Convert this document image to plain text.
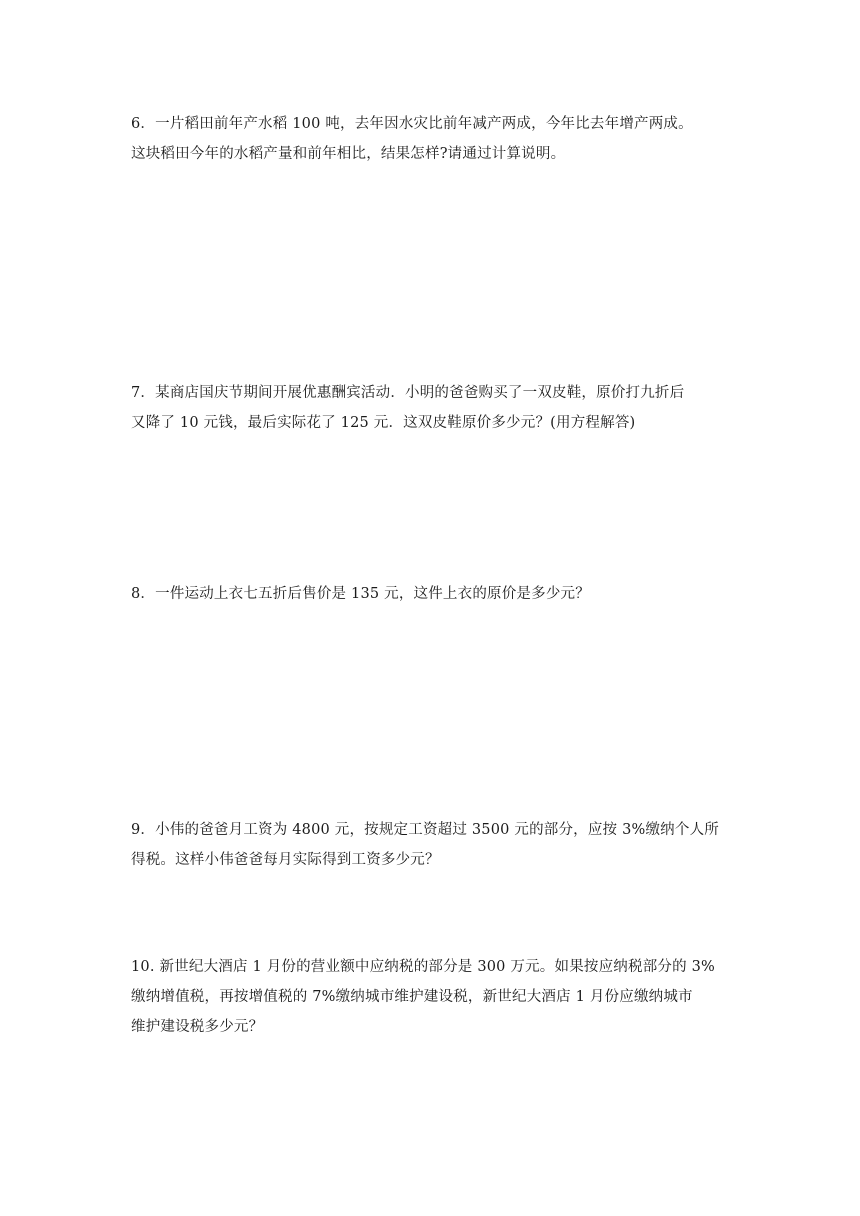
6．一片稻田前年产水稻 100 吨，去年因水灾比前年减产两成，今年比去年增产两成。
这块稻田今年的水稻产量和前年相比，结果怎样?请通过计算说明。
7．某商店国庆节期间开展优惠酬宾活动．小明的爸爸购买了一双皮鞋，原价打九折后
又降了 10 元钱，最后实际花了 125 元．这双皮鞋原价多少元？(用方程解答)
8．一件运动上衣七五折后售价是 135 元，这件上衣的原价是多少元？
9．小伟的爸爸月工资为 4800 元，按规定工资超过 3500 元的部分，应按 3%缴纳个人所
得税。这样小伟爸爸每月实际得到工资多少元？
10. 新世纪大酒店 1 月份的营业额中应纳税的部分是 300 万元。如果按应纳税部分的 3%
缴纳增值税，再按增值税的 7%缴纳城市维护建设税，新世纪大酒店 1 月份应缴纳城市
维护建设税多少元？
